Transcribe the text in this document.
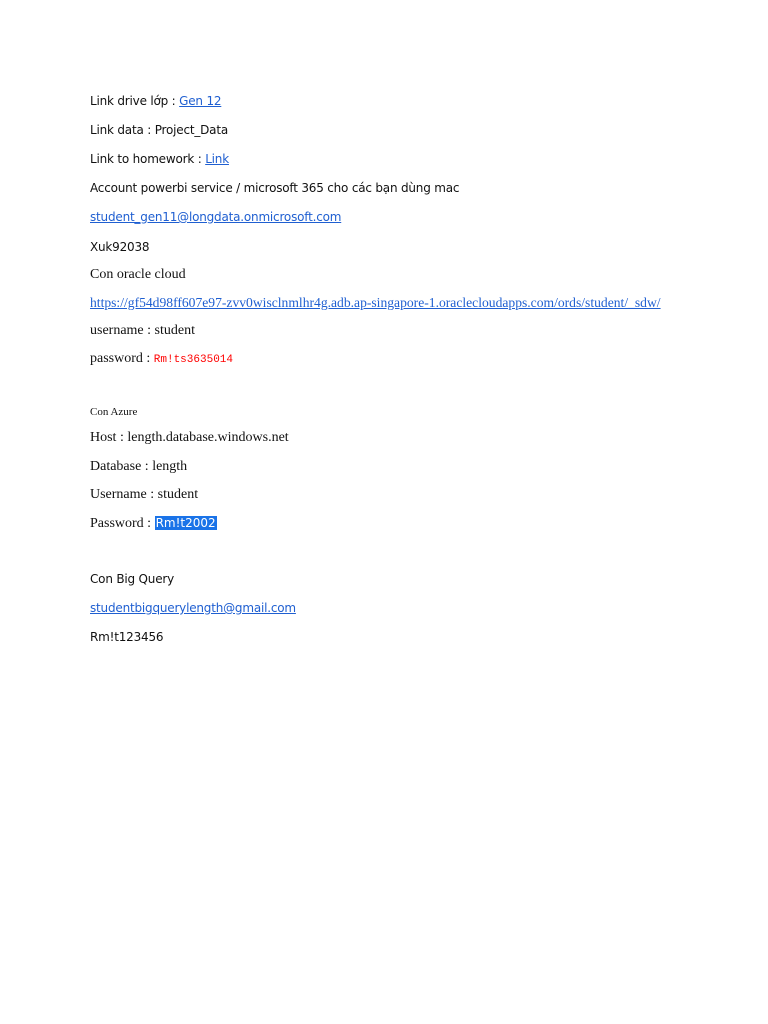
Link drive lớp : Gen 12
Link data : Project_Data
Link to homework : Link
Account powerbi service / microsoft 365 cho các bạn dùng mac
student_gen11@longdata.onmicrosoft.com
Xuk92038
Con oracle cloud
https://gf54d98ff607e97-zvv0wisclnmlhr4g.adb.ap-singapore-1.oraclecloudapps.com/ords/student/_sdw/
username : student
password : Rm!ts3635014
Con Azure
Host : length.database.windows.net
Database : length
Username : student
Password : Rm!t2002
Con Big Query
studentbigquerylength@gmail.com
Rm!t123456
